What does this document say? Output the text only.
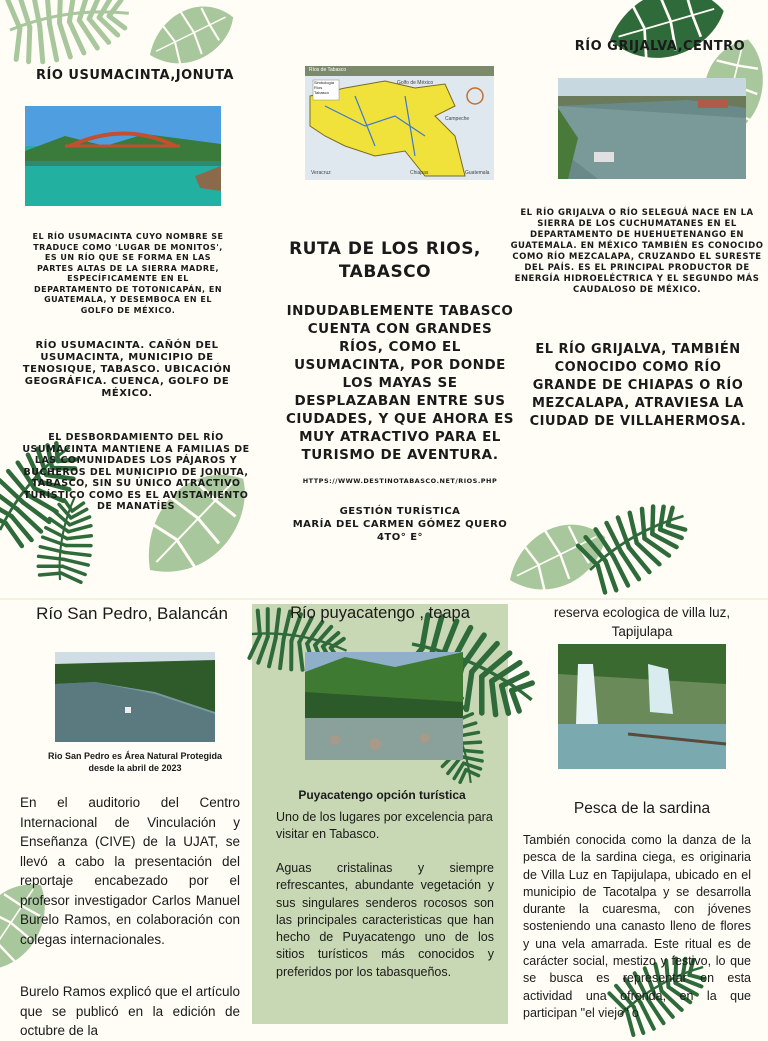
RÍO USUMACINTA,JONUTA
EL RÍO USUMACINTA CUYO NOMBRE SE TRADUCE COMO 'LUGAR DE MONITOS', ES UN RÍO QUE SE FORMA EN LAS PARTES ALTAS DE LA SIERRA MADRE, ESPECÍFICAMENTE EN EL DEPARTAMENTO DE TOTONICAPÁN, EN GUATEMALA, Y DESEMBOCA EN EL GOLFO DE MÉXICO.
RÍO USUMACINTA. CAÑÓN DEL USUMACINTA, MUNICIPIO DE TENOSIQUE, TABASCO. UBICACIÓN GEOGRÁFICA. CUENCA, GOLFO DE MÉXICO.
EL DESBORDAMIENTO DEL RÍO USUMACINTA MANTIENE A FAMILIAS DE LAS COMUNIDADES LOS PÁJAROS Y BUCHEROS DEL MUNICIPIO DE JONUTA, TABASCO, SIN SU ÚNICO ATRACTIVO TURÍSTICO COMO ES EL AVISTAMIENTO DE MANATÍES
Ríos de Tabasco
Golfo de México
Campeche
Chiapas
Veracruz	Guatemala
Simbología
Ríos
Tabasco
RUTA DE LOS RIOS,
TABASCO
INDUDABLEMENTE TABASCO CUENTA CON GRANDES RÍOS, COMO EL USUMACINTA, POR DONDE LOS MAYAS SE DESPLAZABAN ENTRE SUS CIUDADES, Y QUE AHORA ES MUY ATRACTIVO PARA EL TURISMO DE AVENTURA.
HTTPS://WWW.DESTINOTABASCO.NET/RIOS.PHP
GESTIÓN TURÍSTICA
MARÍA DEL CARMEN GÓMEZ QUERO
4TO° E°
RÍO GRIJALVA,CENTRO
EL RÍO GRIJALVA O RÍO SELEGUÁ NACE EN LA SIERRA DE LOS CUCHUMATANES EN EL DEPARTAMENTO DE HUEHUETENANGO EN GUATEMALA. EN MÉXICO TAMBIÉN ES CONOCIDO COMO RÍO MEZCALAPA, CRUZANDO EL SURESTE DEL PAÍS. ES EL PRINCIPAL PRODUCTOR DE ENERGÍA HIDROELÉCTRICA Y EL SEGUNDO MÁS CAUDALOSO DE MÉXICO.
EL RÍO GRIJALVA, TAMBIÉN CONOCIDO COMO RÍO GRANDE DE CHIAPAS O RÍO MEZCALAPA, ATRAVIESA LA CIUDAD DE VILLAHERMOSA.
Río San Pedro, Balancán
Rio San Pedro es Área Natural Protegida desde la abril de 2023
En el auditorio del Centro Internacional de Vinculación y Enseñanza (CIVE) de la UJAT, se llevó a cabo la presentación del reportaje encabezado por el profesor investigador Carlos Manuel Burelo Ramos, en colaboración con colegas internacionales.
Burelo Ramos explicó que el artículo que se publicó en la edición de octubre de la
Río puyacatengo , teapa
Puyacatengo opción turística
Uno de los lugares por excelencia para visitar en Tabasco.
Aguas cristalinas y siempre refrescantes, abundante vegetación y sus singulares senderos rocosos son las principales caracteristicas que han hecho de Puyacatengo uno de los sitios turísticos más conocidos y preferidos por los tabasqueños.
reserva ecologica de villa luz, Tapijulapa
Pesca de la sardina
También conocida como la danza de la pesca de la sardina ciega, es originaria de Villa Luz en Tapijulapa, ubicado en el municipio de Tacotalpa y se desarrolla durante la cuaresma, con jóvenes sosteniendo una canasto lleno de flores y una vela amarrada. Este ritual es de carácter social, mestizo y festivo, lo que se busca es representar en esta actividad una ofrenda, en la que participan "el viejo" o
